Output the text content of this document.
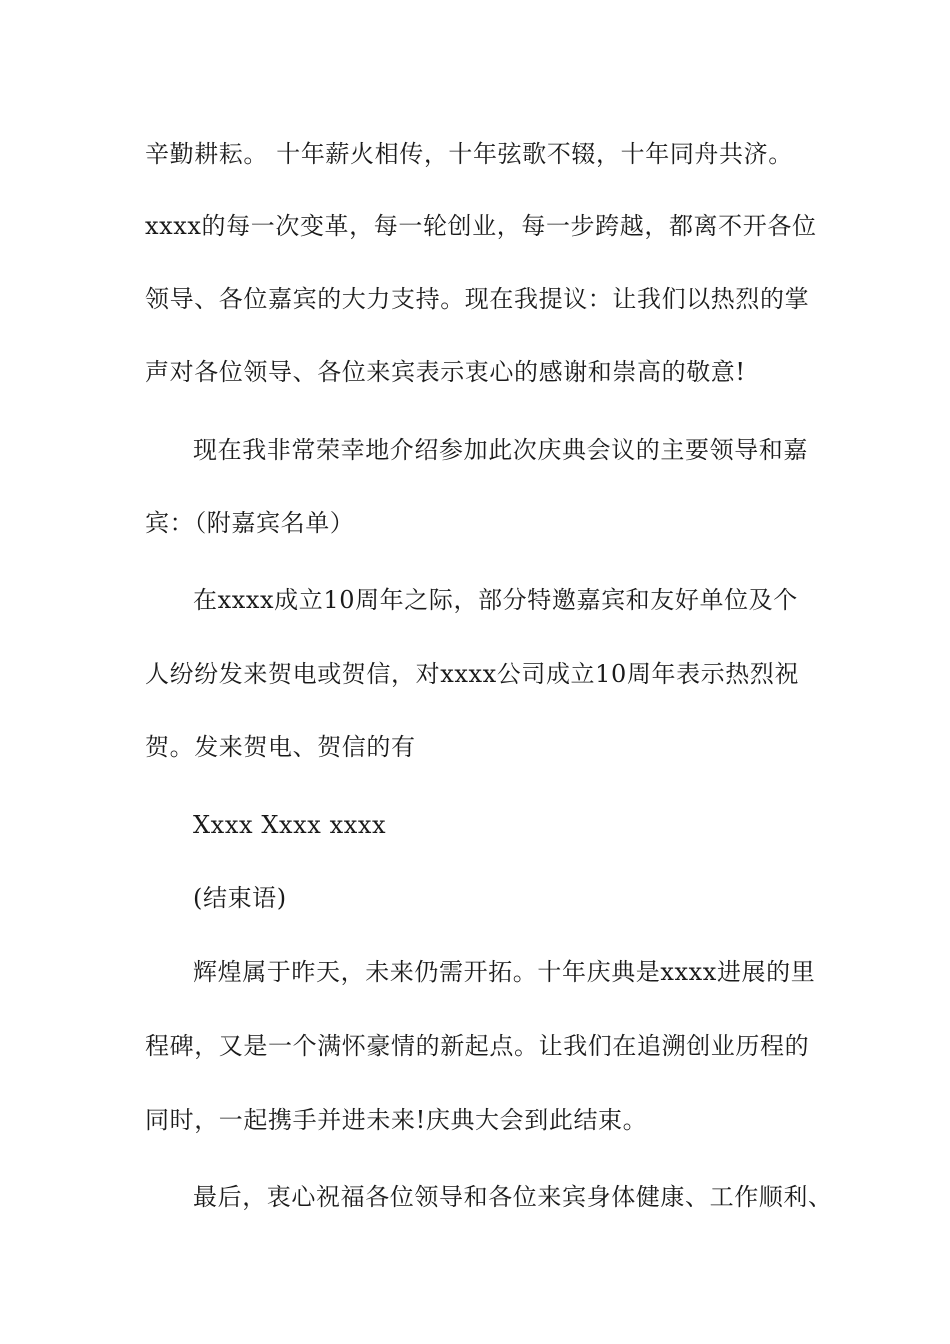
辛勤耕耘。 十年薪火相传，十年弦歌不辍，十年同舟共济。
xxxx的每一次变革，每一轮创业，每一步跨越，都离不开各位
领导、各位嘉宾的大力支持。现在我提议：让我们以热烈的掌
声对各位领导、各位来宾表示衷心的感谢和崇高的敬意!
现在我非常荣幸地介绍参加此次庆典会议的主要领导和嘉
宾：（附嘉宾名单）
在xxxx成立10周年之际，部分特邀嘉宾和友好单位及个
人纷纷发来贺电或贺信，对xxxx公司成立10周年表示热烈祝
贺。发来贺电、贺信的有
Xxxx Xxxx xxxx
(结束语)
辉煌属于昨天，未来仍需开拓。十年庆典是xxxx进展的里
程碑，又是一个满怀豪情的新起点。让我们在追溯创业历程的
同时，一起携手并进未来!庆典大会到此结束。
最后，衷心祝福各位领导和各位来宾身体健康、工作顺利、
